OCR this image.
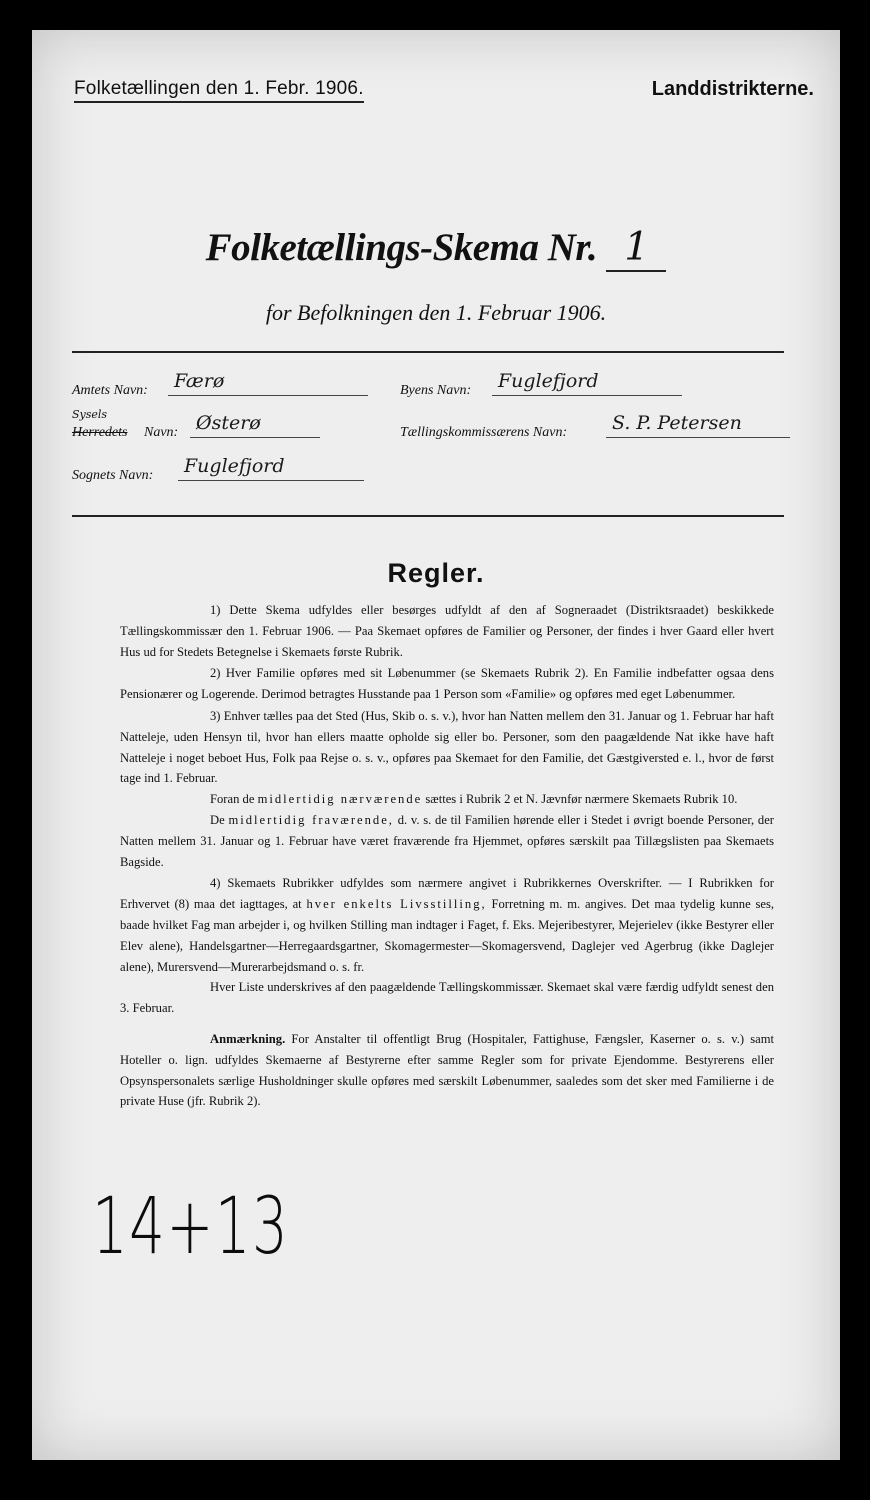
Folketællingen den 1. Febr. 1906.	Landdistrikterne.
Folketællings-Skema Nr. 1
for Befolkningen den 1. Februar 1906.
Amtets Navn:	Færø	Byens Navn:	Fuglefjord
Sysels
Herredets Navn: Østerø	Tællingskommissærens Navn:	S. P. Petersen
Sognets Navn:	Fuglefjord
Regler.

1) Dette Skema udfyldes eller besørges udfyldt af den af Sogneraadet (Distriktsraadet) beskikkede Tællingskommissær den 1. Februar 1906. — Paa Skemaet opføres de Familier og Personer, der findes i hver Gaard eller hvert Hus ud for Stedets Betegnelse i Skemaets første Rubrik.

2) Hver Familie opføres med sit Løbenummer (se Skemaets Rubrik 2). En Familie indbefatter ogsaa dens Pensionærer og Logerende. Derimod betragtes Husstande paa 1 Person som «Familie» og opføres med eget Løbenummer.

3) Enhver tælles paa det Sted (Hus, Skib o. s. v.), hvor han Natten mellem den 31. Januar og 1. Februar har haft Natteleje, uden Hensyn til, hvor han ellers maatte opholde sig eller bo. Personer, som den paagældende Nat ikke have haft Natteleje i noget beboet Hus, Folk paa Rejse o. s. v., opføres paa Skemaet for den Familie, det Gæstgiversted e. l., hvor de først tage ind 1. Februar.

Foran de midlertidig nærværende sættes i Rubrik 2 et N. Jævnfør nærmere Skemaets Rubrik 10.

De midlertidig fraværende, d. v. s. de til Familien hørende eller i Stedet i øvrigt boende Personer, der Natten mellem 31. Januar og 1. Februar have været fraværende fra Hjemmet, opføres særskilt paa Tillægslisten paa Skemaets Bagside.

4) Skemaets Rubrikker udfyldes som nærmere angivet i Rubrikkernes Overskrifter. — I Rubrikken for Erhvervet (8) maa det iagttages, at hver enkelts Livsstilling, Forretning m. m. angives. Det maa tydelig kunne ses, baade hvilket Fag man arbejder i, og hvilken Stilling man indtager i Faget, f. Eks. Mejeribestyrer, Mejerielev (ikke Bestyrer eller Elev alene), Handelsgartner—Herregaardsgartner, Skomagermester—Skomagersvend, Daglejer ved Agerbrug (ikke Daglejer alene), Murersvend—Murerarbejdsmand o. s. fr.

Hver Liste underskrives af den paagældende Tællingskommissær. Skemaet skal være færdig udfyldt senest den 3. Februar.

Anmærkning. For Anstalter til offentligt Brug (Hospitaler, Fattighuse, Fængsler, Kaserner o. s. v.) samt Hoteller o. lign. udfyldes Skemaerne af Bestyrerne efter samme Regler som for private Ejendomme. Bestyrerens eller Opsynspersonalets særlige Husholdninger skulle opføres med særskilt Løbenummer, saaledes som det sker med Familierne i de private Huse (jfr. Rubrik 2).

14+13
